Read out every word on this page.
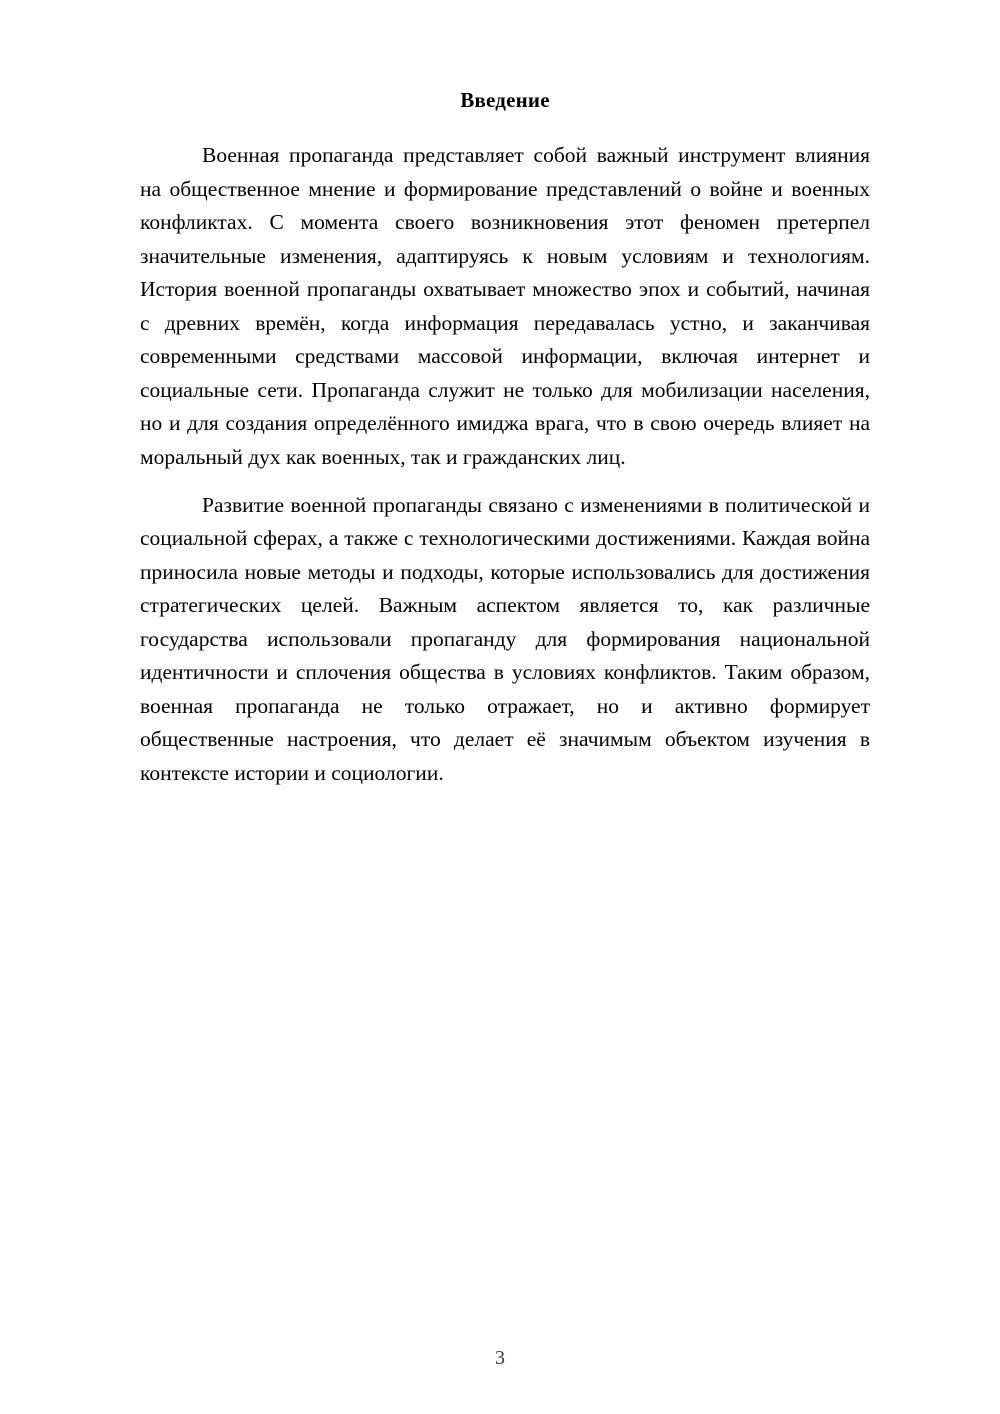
Введение

Военная пропаганда представляет собой важный инструмент влияния на общественное мнение и формирование представлений о войне и военных конфликтах. С момента своего возникновения этот феномен претерпел значительные изменения, адаптируясь к новым условиям и технологиям. История военной пропаганды охватывает множество эпох и событий, начиная с древних времён, когда информация передавалась устно, и заканчивая современными средствами массовой информации, включая интернет и социальные сети. Пропаганда служит не только для мобилизации населения, но и для создания определённого имиджа врага, что в свою очередь влияет на моральный дух как военных, так и гражданских лиц.

Развитие военной пропаганды связано с изменениями в политической и социальной сферах, а также с технологическими достижениями. Каждая война приносила новые методы и подходы, которые использовались для достижения стратегических целей. Важным аспектом является то, как различные государства использовали пропаганду для формирования национальной идентичности и сплочения общества в условиях конфликтов. Таким образом, военная пропаганда не только отражает, но и активно формирует общественные настроения, что делает её значимым объектом изучения в контексте истории и социологии.

3
